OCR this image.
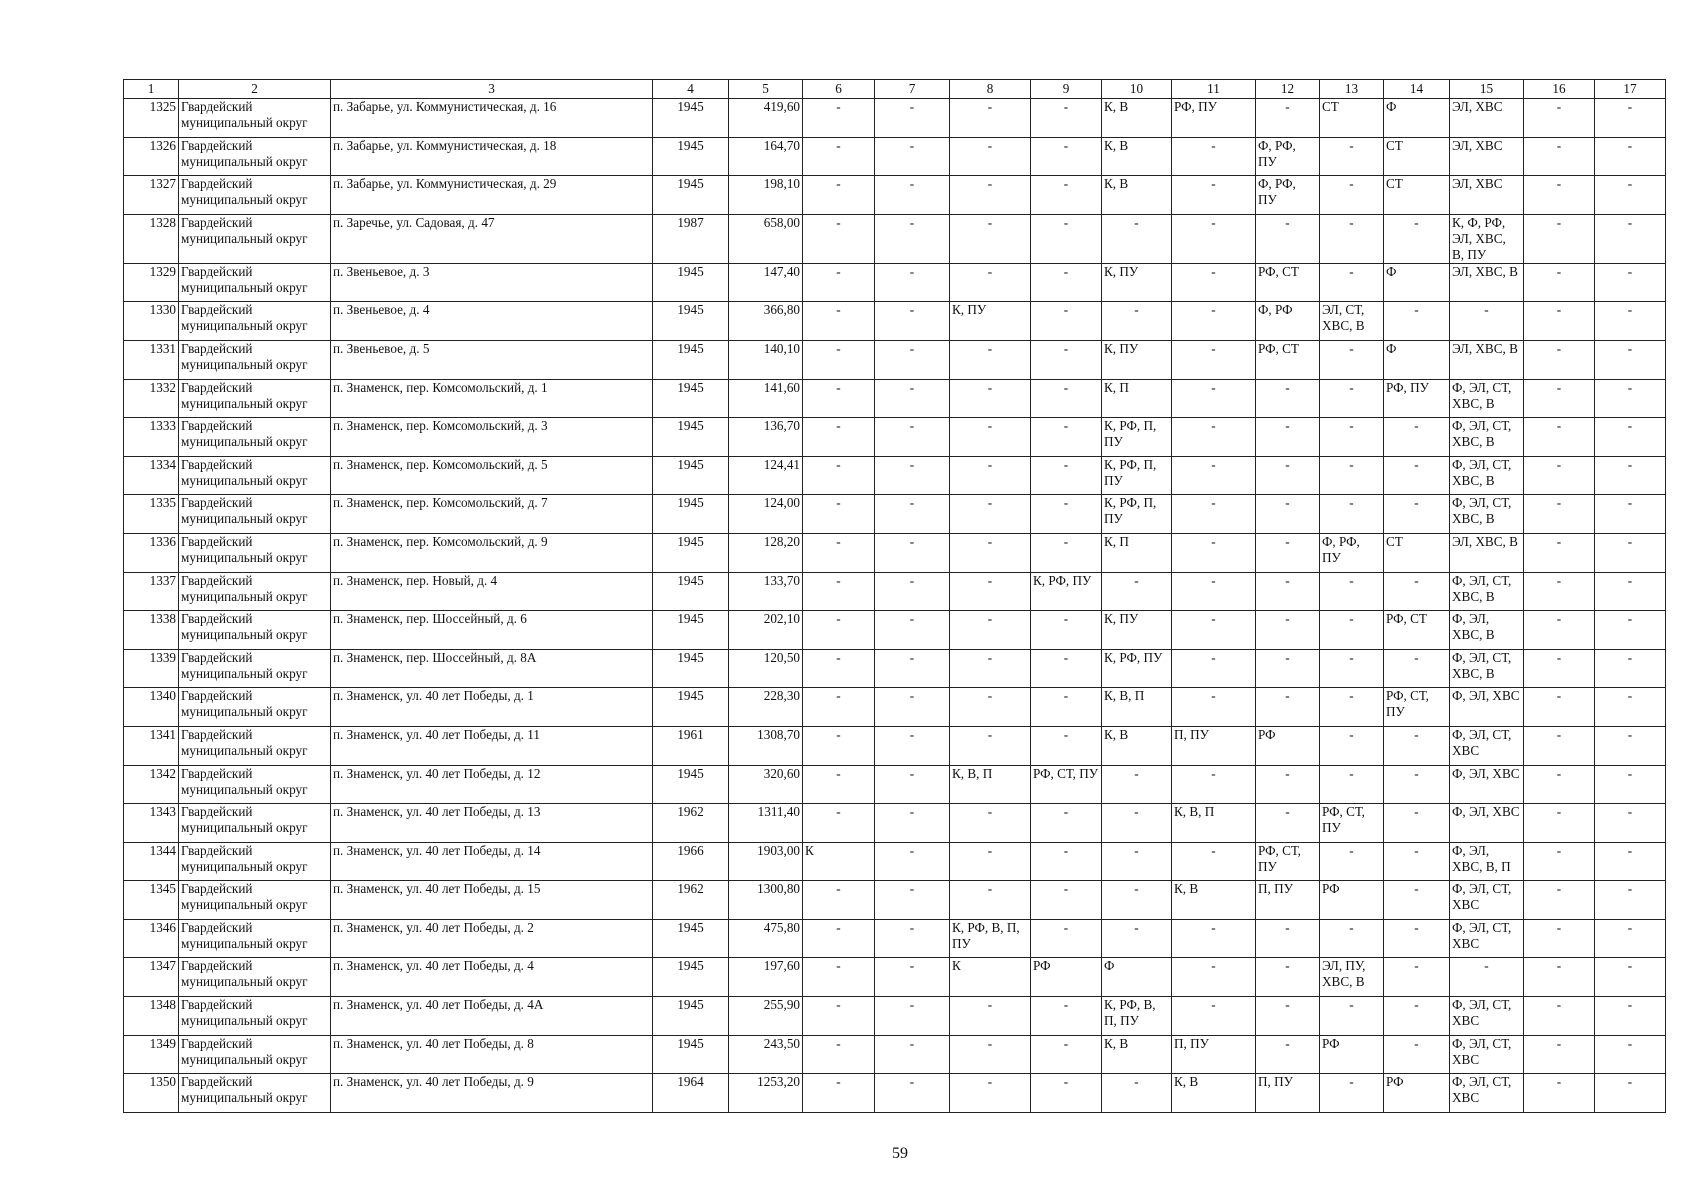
1	2	3	4	5	6	7	8	9	10	11	12	13	14	15	16	17
1325	Гвардейский муниципальный округ	п. Забарье, ул. Коммунистическая, д. 16	1945	419,60	-	-	-	-	К, В	РФ, ПУ	-	СТ	Ф	ЭЛ, ХВС	-	-
1326	Гвардейский муниципальный округ	п. Забарье, ул. Коммунистическая, д. 18	1945	164,70	-	-	-	-	К, В	-	Ф, РФ, ПУ	-	СТ	ЭЛ, ХВС	-	-
1327	Гвардейский муниципальный округ	п. Забарье, ул. Коммунистическая, д. 29	1945	198,10	-	-	-	-	К, В	-	Ф, РФ, ПУ	-	СТ	ЭЛ, ХВС	-	-
1328	Гвардейский муниципальный округ	п. Заречье, ул. Садовая, д. 47	1987	658,00	-	-	-	-	-	-	-	-	-	К, Ф, РФ, ЭЛ, ХВС, В, ПУ	-	-
1329	Гвардейский муниципальный округ	п. Звеньевое, д. 3	1945	147,40	-	-	-	-	К, ПУ	-	РФ, СТ	-	Ф	ЭЛ, ХВС, В	-	-
1330	Гвардейский муниципальный округ	п. Звеньевое, д. 4	1945	366,80	-	-	К, ПУ	-	-	-	Ф, РФ	ЭЛ, СТ, ХВС, В	-	-	-	-
1331	Гвардейский муниципальный округ	п. Звеньевое, д. 5	1945	140,10	-	-	-	-	К, ПУ	-	РФ, СТ	-	Ф	ЭЛ, ХВС, В	-	-
1332	Гвардейский муниципальный округ	п. Знаменск, пер. Комсомольский, д. 1	1945	141,60	-	-	-	-	К, П	-	-	-	РФ, ПУ	Ф, ЭЛ, СТ, ХВС, В	-	-
1333	Гвардейский муниципальный округ	п. Знаменск, пер. Комсомольский, д. 3	1945	136,70	-	-	-	-	К, РФ, П, ПУ	-	-	-	-	Ф, ЭЛ, СТ, ХВС, В	-	-
1334	Гвардейский муниципальный округ	п. Знаменск, пер. Комсомольский, д. 5	1945	124,41	-	-	-	-	К, РФ, П, ПУ	-	-	-	-	Ф, ЭЛ, СТ, ХВС, В	-	-
1335	Гвардейский муниципальный округ	п. Знаменск, пер. Комсомольский, д. 7	1945	124,00	-	-	-	-	К, РФ, П, ПУ	-	-	-	-	Ф, ЭЛ, СТ, ХВС, В	-	-
1336	Гвардейский муниципальный округ	п. Знаменск, пер. Комсомольский, д. 9	1945	128,20	-	-	-	-	К, П	-	-	Ф, РФ, ПУ	СТ	ЭЛ, ХВС, В	-	-
1337	Гвардейский муниципальный округ	п. Знаменск, пер. Новый, д. 4	1945	133,70	-	-	-	К, РФ, ПУ	-	-	-	-	-	Ф, ЭЛ, СТ, ХВС, В	-	-
1338	Гвардейский муниципальный округ	п. Знаменск, пер. Шоссейный, д. 6	1945	202,10	-	-	-	-	К, ПУ	-	-	-	РФ, СТ	Ф, ЭЛ, ХВС, В	-	-
1339	Гвардейский муниципальный округ	п. Знаменск, пер. Шоссейный, д. 8А	1945	120,50	-	-	-	-	К, РФ, ПУ	-	-	-	-	Ф, ЭЛ, СТ, ХВС, В	-	-
1340	Гвардейский муниципальный округ	п. Знаменск, ул. 40 лет Победы, д. 1	1945	228,30	-	-	-	-	К, В, П	-	-	-	РФ, СТ, ПУ	Ф, ЭЛ, ХВС	-	-
1341	Гвардейский муниципальный округ	п. Знаменск, ул. 40 лет Победы, д. 11	1961	1308,70	-	-	-	-	К, В	П, ПУ	РФ	-	-	Ф, ЭЛ, СТ, ХВС	-	-
1342	Гвардейский муниципальный округ	п. Знаменск, ул. 40 лет Победы, д. 12	1945	320,60	-	-	К, В, П	РФ, СТ, ПУ	-	-	-	-	-	Ф, ЭЛ, ХВС	-	-
1343	Гвардейский муниципальный округ	п. Знаменск, ул. 40 лет Победы, д. 13	1962	1311,40	-	-	-	-	-	К, В, П	-	РФ, СТ, ПУ	-	Ф, ЭЛ, ХВС	-	-
1344	Гвардейский муниципальный округ	п. Знаменск, ул. 40 лет Победы, д. 14	1966	1903,00	К	-	-	-	-	-	РФ, СТ, ПУ	-	-	Ф, ЭЛ, ХВС, В, П	-	-
1345	Гвардейский муниципальный округ	п. Знаменск, ул. 40 лет Победы, д. 15	1962	1300,80	-	-	-	-	-	К, В	П, ПУ	РФ	-	Ф, ЭЛ, СТ, ХВС	-	-
1346	Гвардейский муниципальный округ	п. Знаменск, ул. 40 лет Победы, д. 2	1945	475,80	-	-	К, РФ, В, П, ПУ	-	-	-	-	-	-	Ф, ЭЛ, СТ, ХВС	-	-
1347	Гвардейский муниципальный округ	п. Знаменск, ул. 40 лет Победы, д. 4	1945	197,60	-	-	К	РФ	Ф	-	-	ЭЛ, ПУ, ХВС, В	-	-	-	-
1348	Гвардейский муниципальный округ	п. Знаменск, ул. 40 лет Победы, д. 4А	1945	255,90	-	-	-	-	К, РФ, В, П, ПУ	-	-	-	-	Ф, ЭЛ, СТ, ХВС	-	-
1349	Гвардейский муниципальный округ	п. Знаменск, ул. 40 лет Победы, д. 8	1945	243,50	-	-	-	-	К, В	П, ПУ	-	РФ	-	Ф, ЭЛ, СТ, ХВС	-	-
1350	Гвардейский муниципальный округ	п. Знаменск, ул. 40 лет Победы, д. 9	1964	1253,20	-	-	-	-	-	К, В	П, ПУ	-	РФ	Ф, ЭЛ, СТ, ХВС	-	-
59
